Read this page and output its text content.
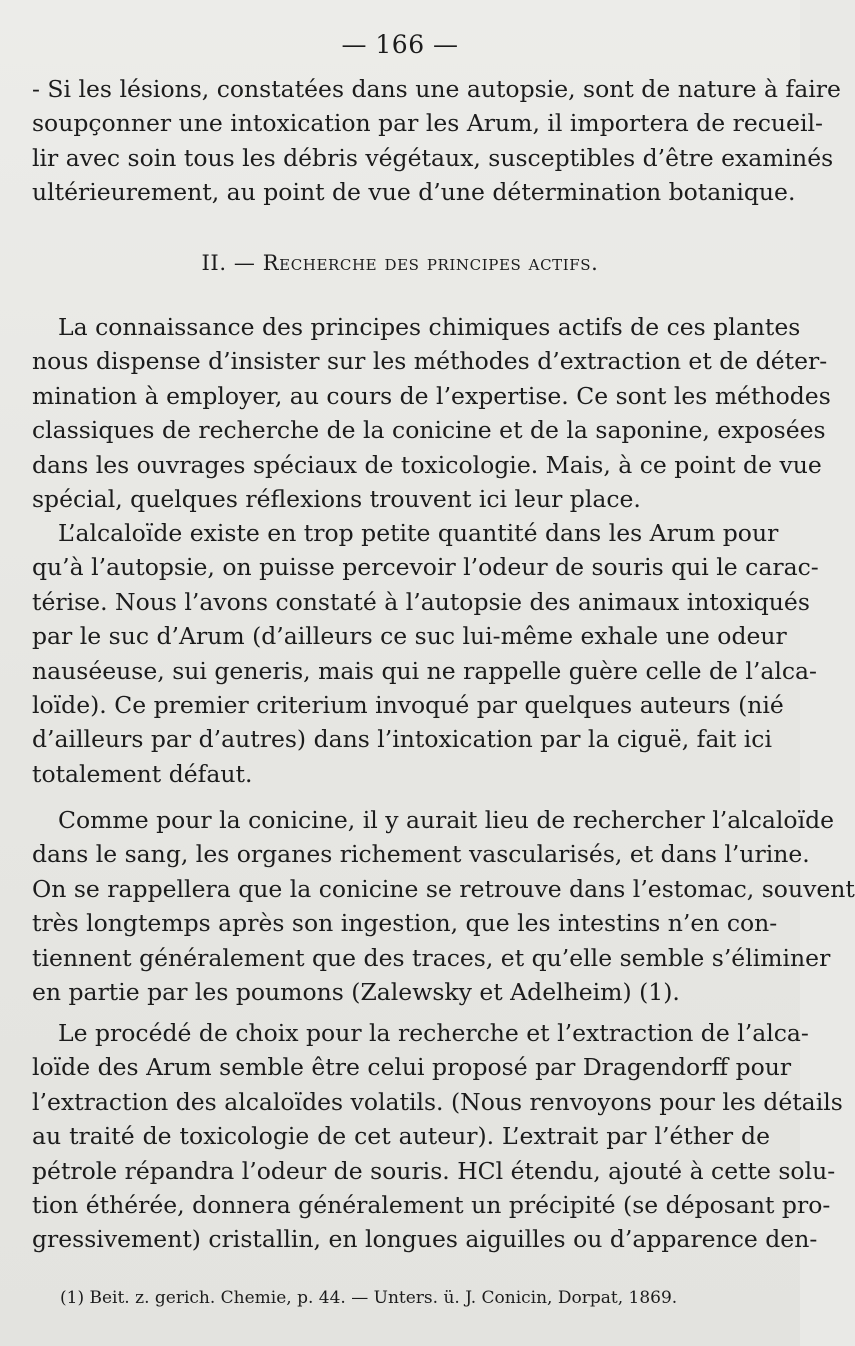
— 166 —
- Si les lésions, constatées dans une autopsie, sont de nature à faire
soupçonner une intoxication par les Arum, il importera de recueil-
lir avec soin tous les débris végétaux, susceptibles d’être examinés
ultérieurement, au point de vue d’une détermination botanique.
II. — Recherche des principes actifs.
La connaissance des principes chimiques actifs de ces plantes
nous dispense d’insister sur les méthodes d’extraction et de déter-
mination à employer, au cours de l’expertise. Ce sont les méthodes
classiques de recherche de la conicine et de la saponine, exposées
dans les ouvrages spéciaux de toxicologie. Mais, à ce point de vue
spécial, quelques réflexions trouvent ici leur place.
L’alcaloïde existe en trop petite quantité dans les Arum pour
qu’à l’autopsie, on puisse percevoir l’odeur de souris qui le carac-
térise. Nous l’avons constaté à l’autopsie des animaux intoxiqués
par le suc d’Arum (d’ailleurs ce suc lui-même exhale une odeur
nauséeuse, sui generis, mais qui ne rappelle guère celle de l’alca-
loïde). Ce premier criterium invoqué par quelques auteurs (nié
d’ailleurs par d’autres) dans l’intoxication par la ciguë, fait ici
totalement défaut.
Comme pour la conicine, il y aurait lieu de rechercher l’alcaloïde
dans le sang, les organes richement vascularisés, et dans l’urine.
On se rappellera que la conicine se retrouve dans l’estomac, souvent
très longtemps après son ingestion, que les intestins n’en con-
tiennent généralement que des traces, et qu’elle semble s’éliminer
en partie par les poumons (Zalewsky et Adelheim) (1).
Le procédé de choix pour la recherche et l’extraction de l’alca-
loïde des Arum semble être celui proposé par Dragendorff pour
l’extraction des alcaloïdes volatils. (Nous renvoyons pour les détails
au traité de toxicologie de cet auteur). L’extrait par l’éther de
pétrole répandra l’odeur de souris. HCl étendu, ajouté à cette solu-
tion éthérée, donnera généralement un précipité (se déposant pro-
gressivement) cristallin, en longues aiguilles ou d’apparence den-
(1) Beit. z. gerich. Chemie, p. 44. — Unters. ü. J. Conicin, Dorpat, 1869.
